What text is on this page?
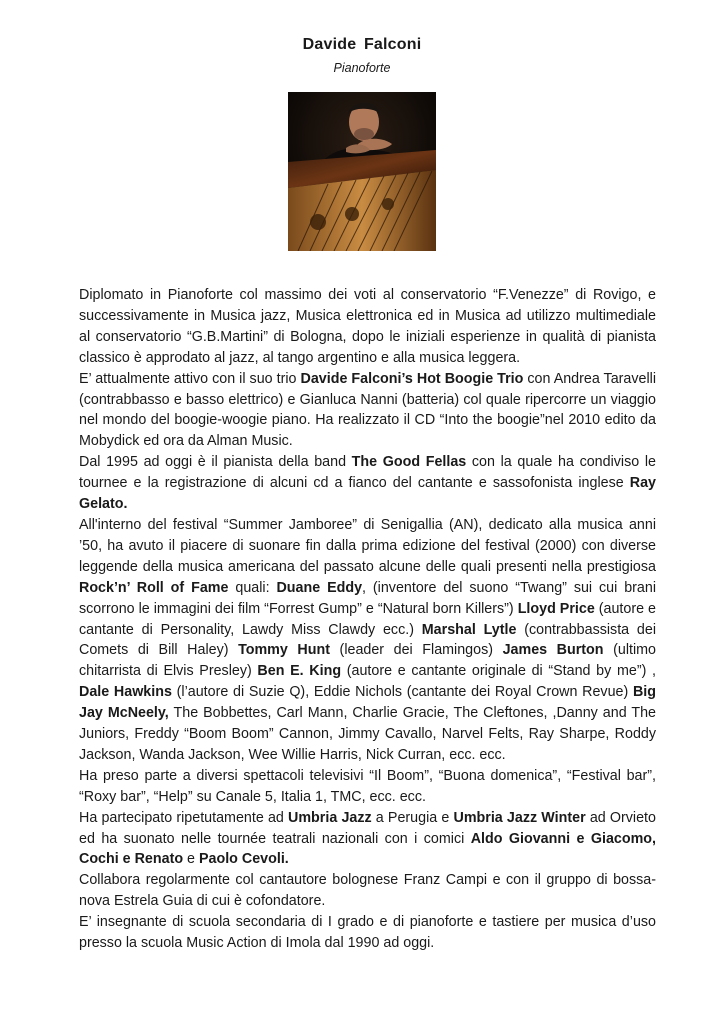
Davide Falconi
Pianoforte

Diplomato in Pianoforte col massimo dei voti al conservatorio “F.Venezze” di Rovigo, e successivamente in Musica jazz, Musica elettronica ed in Musica ad utilizzo multimediale al conservatorio “G.B.Martini” di Bologna, dopo le iniziali esperienze in qualità di pianista classico è approdato al jazz, al tango argentino e alla musica leggera.

E’ attualmente attivo con il suo trio Davide Falconi’s Hot Boogie Trio con Andrea Taravelli (contrabbasso e basso elettrico) e Gianluca Nanni (batteria) col quale ripercorre un viaggio nel mondo del boogie-woogie piano. Ha realizzato il CD “Into the boogie”nel 2010 edito da Mobydick ed ora da Alman Music.

Dal 1995 ad oggi è il pianista della band The Good Fellas con la quale ha condiviso le tournee e la registrazione di alcuni cd a fianco del cantante e sassofonista inglese Ray Gelato.

All'interno del festival “Summer Jamboree” di Senigallia (AN), dedicato alla musica anni ’50, ha avuto il piacere di suonare fin dalla prima edizione del festival (2000) con diverse leggende della musica americana del passato alcune delle quali presenti nella prestigiosa Rock’n’ Roll of Fame quali: Duane Eddy, (inventore del suono “Twang” sui cui brani scorrono le immagini dei film “Forrest Gump” e “Natural born Killers”) Lloyd Price (autore e cantante di Personality, Lawdy Miss Clawdy ecc.) Marshal Lytle (contrabbassista dei Comets di Bill Haley) Tommy Hunt (leader dei Flamingos) James Burton (ultimo chitarrista di Elvis Presley) Ben E. King (autore e cantante originale di “Stand by me”) , Dale Hawkins (l’autore di Suzie Q), Eddie Nichols (cantante dei Royal Crown Revue) Big Jay McNeely, The Bobbettes, Carl Mann, Charlie Gracie, The Cleftones, ,Danny and The Juniors, Freddy “Boom Boom” Cannon, Jimmy Cavallo, Narvel Felts, Ray Sharpe, Roddy Jackson, Wanda Jackson, Wee Willie Harris, Nick Curran, ecc. ecc.

Ha preso parte a diversi spettacoli televisivi “Il Boom”, “Buona domenica”, “Festival bar”, “Roxy bar”, “Help” su Canale 5, Italia 1, TMC, ecc. ecc.

Ha partecipato ripetutamente ad Umbria Jazz a Perugia e Umbria Jazz Winter ad Orvieto ed ha suonato nelle tournée teatrali nazionali con i comici Aldo Giovanni e Giacomo, Cochi e Renato e Paolo Cevoli.

Collabora regolarmente col cantautore bolognese Franz Campi e con il gruppo di bossa-nova Estrela Guia di cui è cofondatore.

E’ insegnante di scuola secondaria di I grado e di pianoforte e tastiere per musica d’uso presso la scuola Music Action di Imola dal 1990 ad oggi.
